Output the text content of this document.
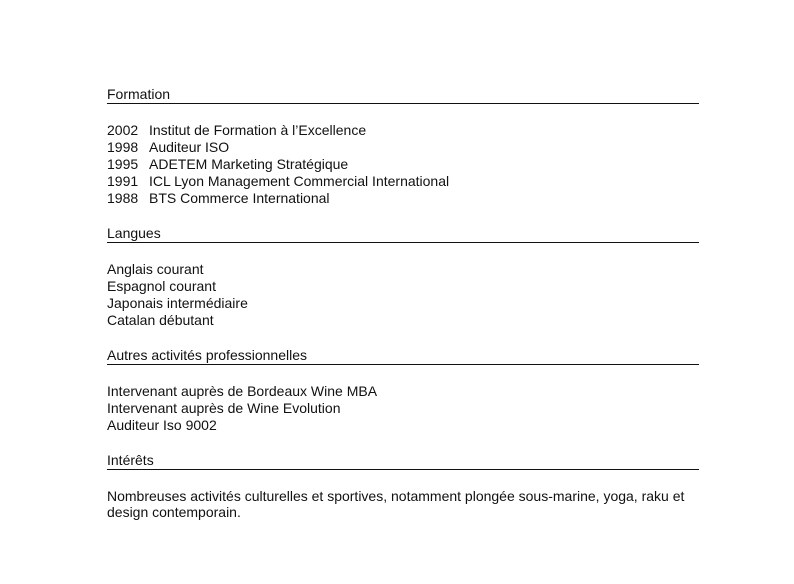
Formation
2002 Institut de Formation à l’Excellence
1998 Auditeur ISO
1995 ADETEM Marketing Stratégique
1991 ICL Lyon Management Commercial International
1988 BTS Commerce International
Langues
Anglais courant
Espagnol courant
Japonais intermédiaire
Catalan débutant
Autres activités professionnelles
Intervenant auprès de Bordeaux Wine MBA
Intervenant auprès de Wine Evolution
Auditeur Iso 9002
Intérêts
Nombreuses activités culturelles et sportives, notamment plongée sous-marine, yoga, raku et design contemporain.
